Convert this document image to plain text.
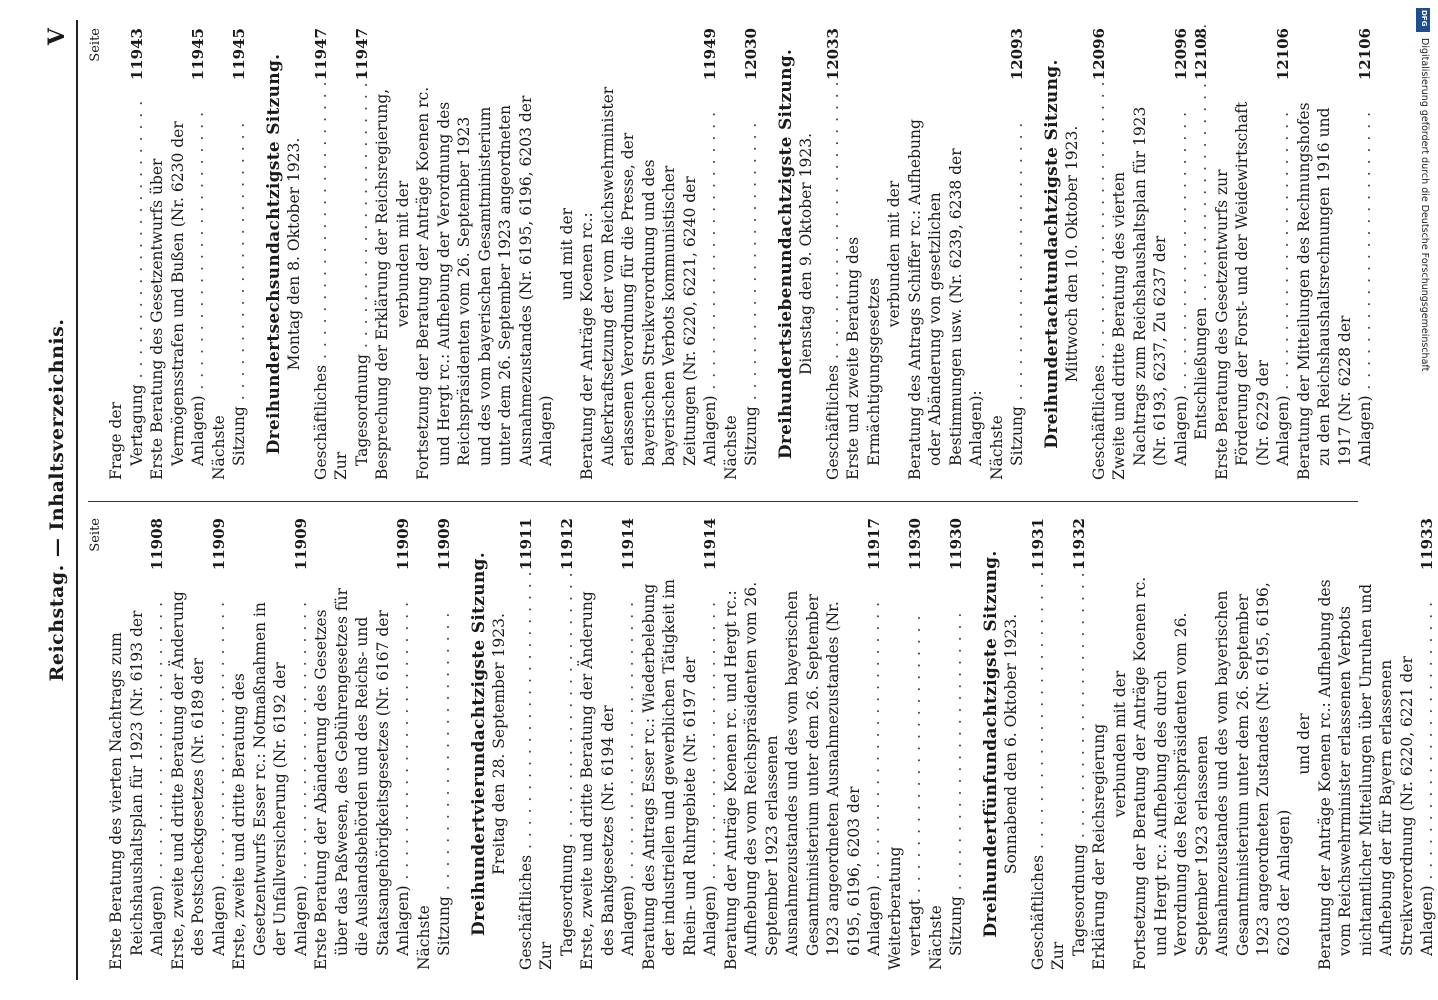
Reichstag. — Inhaltsverzeichnis.
V
Seite

Erste Beratung des vierten Nachtrags zum Reichshaushaltsplan für 1923 (Nr. 6193 der Anlagen) . . .
11908

Erste, zweite und dritte Beratung der Änderung des Postscheckgesetzes (Nr. 6189 der Anlagen) . . .
11909

Erste, zweite und dritte Beratung des Gesetzentwurfs Esser rc.: Notmaßnahmen in der Unfallversicherung (Nr. 6192 der Anlagen) . . .
11909

Erste Beratung der Abänderung des Gesetzes über das Paßwesen, des Gebührengesetzes für die Auslandsbehörden und des Reichs- und Staatsangehörigkeitsgesetzes (Nr. 6167 der Anlagen) . . .
11909

Nächste Sitzung . . .
11909

Dreihundertvierundachtzigste Sitzung. Freitag den 28. September 1923.

Geschäftliches . . .
11911

Zur Tagesordnung . . .
11912

Erste, zweite und dritte Beratung der Änderung des Bankgesetzes (Nr. 6194 der Anlagen) . . .
11914

Beratung des Antrags Esser rc.: Wiederbelebung der industriellen und gewerblichen Tätigkeit im Rhein- und Ruhrgebiete (Nr. 6197 der Anlagen) . . .
11914

Beratung der Anträge Koenen rc. und Hergt rc.: Aufhebung des vom Reichspräsidenten vom 26. September 1923 erlassenen Ausnahmezustandes und des vom bayerischen Gesamtministerium unter dem 26. September 1923 angeordneten Ausnahmezustandes (Nr. 6195, 6196, 6203 der Anlagen) . . .
11917

Weiterberatung vertagt . . .
11930

Nächste Sitzung . . .
11930

Dreihundertfünfundachtzigste Sitzung. Sonnabend den 6. Oktober 1923.

Geschäftliches . . .
11931

Zur Tagesordnung . . .
11932

Erklärung der Reichsregierung verbunden mit der Fortsetzung der Beratung der Anträge Koenen rc. und Hergt rc.: Aufhebung des durch Verordnung des Reichspräsidenten vom 26. September 1923 erlassenen Ausnahmezustandes und des vom bayerischen Gesamtministerium unter dem 26. September 1923 angeordneten Zustandes (Nr. 6195, 6196, 6203 der Anlagen)

und der Beratung der Anträge Koenen rc.: Aufhebung des vom Reichswehrminister erlassenen Verbots nichtamtlicher Mitteilungen über Unruhen und Aufhebung der für Bayern erlassenen Streikverordnung (Nr. 6220, 6221 der Anlagen) . . .
11933

Seite

Frage der Vertagung . . .
11943

Erste Beratung des Gesetzentwurfs über Vermögensstrafen und Bußen (Nr. 6230 der Anlagen) . . .
11945

Nächste Sitzung . . .
11945 Dreihundertsechsundachtzigste Sitzung. Montag den 8. Oktober 1923.

Geschäftliches . . .
11947

Zur Tagesordnung . . .
11947

Besprechung der Erklärung der Reichsregierung, verbunden mit der Fortsetzung der Beratung der Anträge Koenen rc. und Hergt rc.: Aufhebung der Verordnung des Reichspräsidenten vom 26. September 1923 und des vom bayerischen Gesamtministerium unter dem 26. September 1923 angeordneten Ausnahmezustandes (Nr. 6195, 6196, 6203 der Anlagen)

und mit der Beratung der Anträge Koenen rc.: Außerkraftsetzung der vom Reichswehrminister erlassenen Verordnung für die Presse, der bayerischen Streikverordnung und des bayerischen Verbots kommunistischer Zeitungen (Nr. 6220, 6221, 6240 der Anlagen) . . .
11949

Nächste Sitzung . . .
12030 Dreihundertsiebenundachtzigste Sitzung. Dienstag den 9. Oktober 1923.

Geschäftliches . . .
12033

Erste und zweite Beratung des Ermächtigungsgesetzes

verbunden mit der Beratung des Antrags Schiffer rc.: Aufhebung oder Abänderung von gesetzlichen Bestimmungen usw. (Nr. 6239, 6238 der Anlagen): Nächste Sitzung . . .
12093

Dreihundertachtundachtzigste Sitzung. Mittwoch den 10. Oktober 1923.

Geschäftliches . . .
12096

Zweite und dritte Beratung des vierten Nachtrags zum Reichshaushaltsplan für 1923 (Nr. 6193, 6237, Zu 6237 der Anlagen) . . .
12096

Entschließungen . . .
12108

Erste Beratung des Gesetzentwurfs zur Förderung der Forst- und der Weidewirtschaft (Nr. 6229 der Anlagen) . . .
12106

Beratung der Mitteilungen des Rechnungshofes zu den Reichshaushaltsrechnungen 1916 und 1917 (Nr. 6228 der Anlagen) . . .
12106

DFG
Digitalisierung gefördert durch die Deutsche Forschungsgemeinschaft
